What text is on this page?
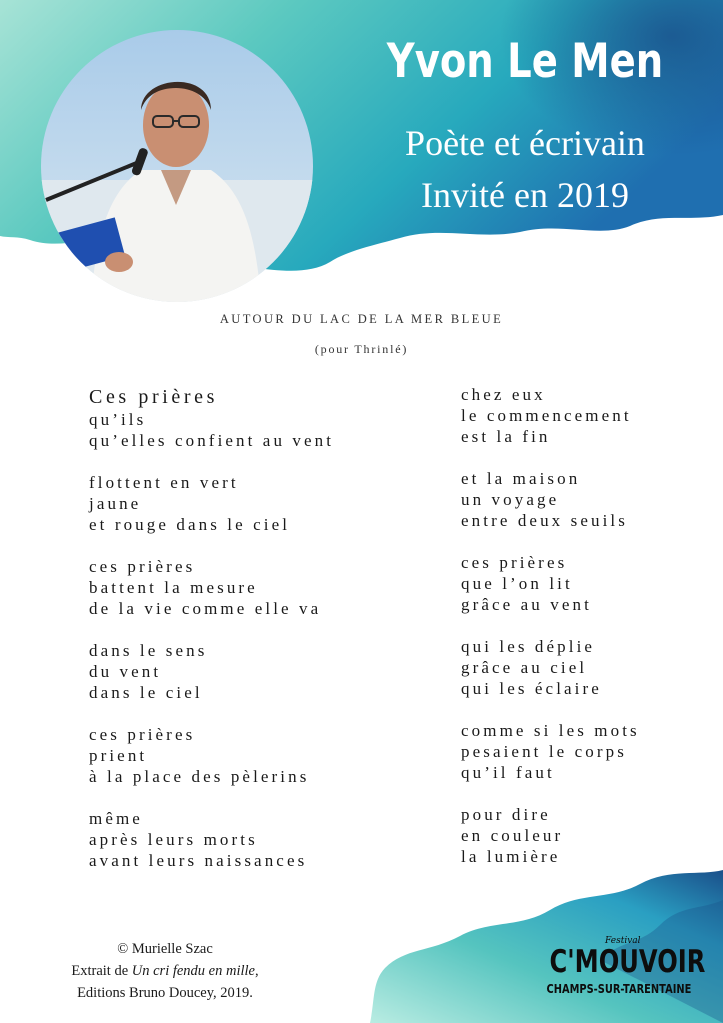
Yvon Le Men
Poète et écrivain
Invité en 2019
AUTOUR DU LAC DE LA MER BLEUE
(pour Thrinlé)
Ces prières
qu’ils
qu’elles confient au vent
flottent en vert
jaune
et rouge dans le ciel
ces prières
battent la mesure
de la vie comme elle va
dans le sens
du vent
dans le ciel
ces prières
prient
à la place des pèlerins
même
après leurs morts
avant leurs naissances
chez eux
le commencement
est la fin
et la maison
un voyage
entre deux seuils
ces prières
que l’on lit
grâce au vent
qui les déplie
grâce au ciel
qui les éclaire
comme si les mots
pesaient le corps
qu’il faut
pour dire
en couleur
la lumière
© Murielle Szac
Extrait de Un cri fendu en mille,
Editions Bruno Doucey, 2019.
Festival
C'MOUVOIR
CHAMPS-SUR-TARENTAINE
